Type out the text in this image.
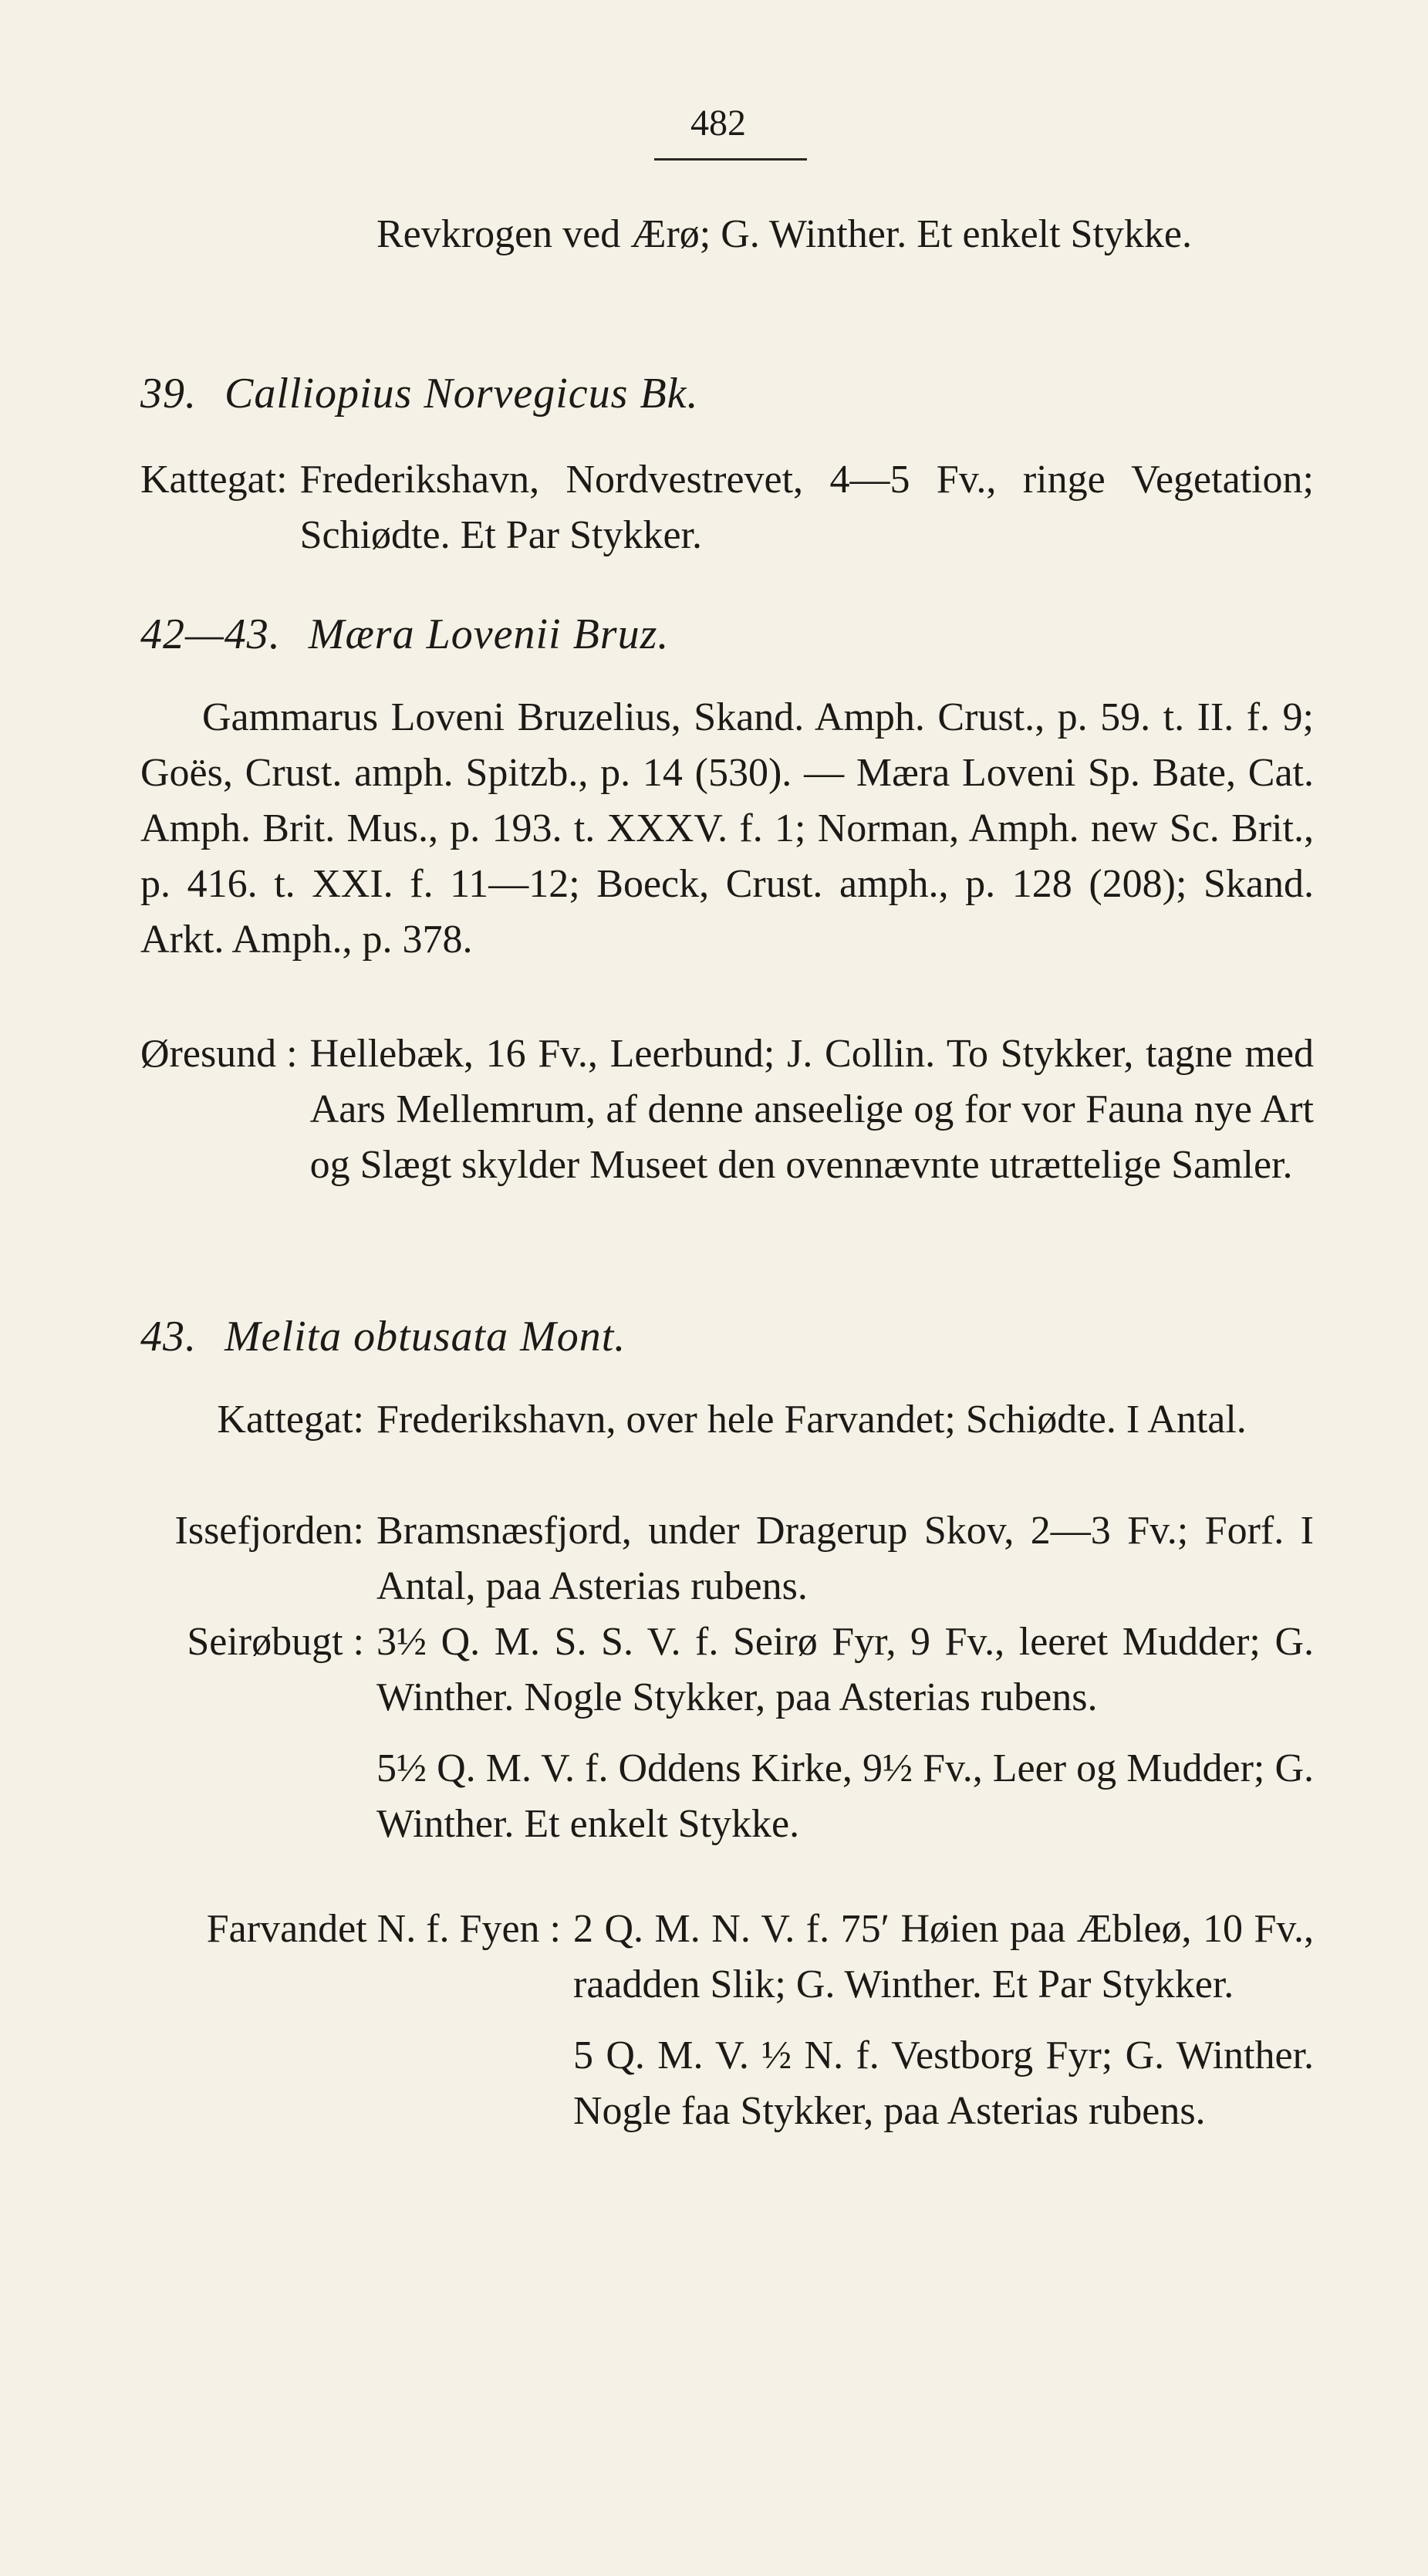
482

Revkrogen ved Ærø; G. Winther. Et enkelt Stykke.

39. Calliopius Norvegicus Bk.
Kattegat: Frederikshavn, Nordvestrevet, 4—5 Fv., ringe Vegetation; Schiødte. Et Par Stykker.

42—43. Mæra Lovenii Bruz.

Gammarus Loveni Bruzelius, Skand. Amph. Crust., p. 59. t. II. f. 9; Goës, Crust. amph. Spitzb., p. 14 (530). — Mæra Loveni Sp. Bate, Cat. Amph. Brit. Mus., p. 193. t. XXXV. f. 1; Norman, Amph. new Sc. Brit., p. 416. t. XXI. f. 11—12; Boeck, Crust. amph., p. 128 (208); Skand. Arkt. Amph., p. 378.

Øresund : Hellebæk, 16 Fv., Leerbund; J. Collin. To Stykker, tagne med Aars Mellemrum, af denne anseelige og for vor Fauna nye Art og Slægt skylder Museet den ovennævnte utrættelige Samler.

43. Melita obtusata Mont.
Kattegat: Frederikshavn, over hele Farvandet; Schiødte. I Antal.

Issefjorden: Bramsnæsfjord, under Dragerup Skov, 2—3 Fv.; Forf. I Antal, paa Asterias rubens.

Seirøbugt : 3½ Q. M. S. S. V. f. Seirø Fyr, 9 Fv., leeret Mudder; G. Winther. Nogle Stykker, paa Asterias rubens.

5½ Q. M. V. f. Oddens Kirke, 9½ Fv., Leer og Mudder; G. Winther. Et enkelt Stykke.

Farvandet N. f. Fyen : 2 Q. M. N. V. f. 75′ Høien paa Æbleø, 10 Fv., raadden Slik; G. Winther. Et Par Stykker.

5 Q. M. V. ½ N. f. Vestborg Fyr; G. Winther. Nogle faa Stykker, paa Asterias rubens.
